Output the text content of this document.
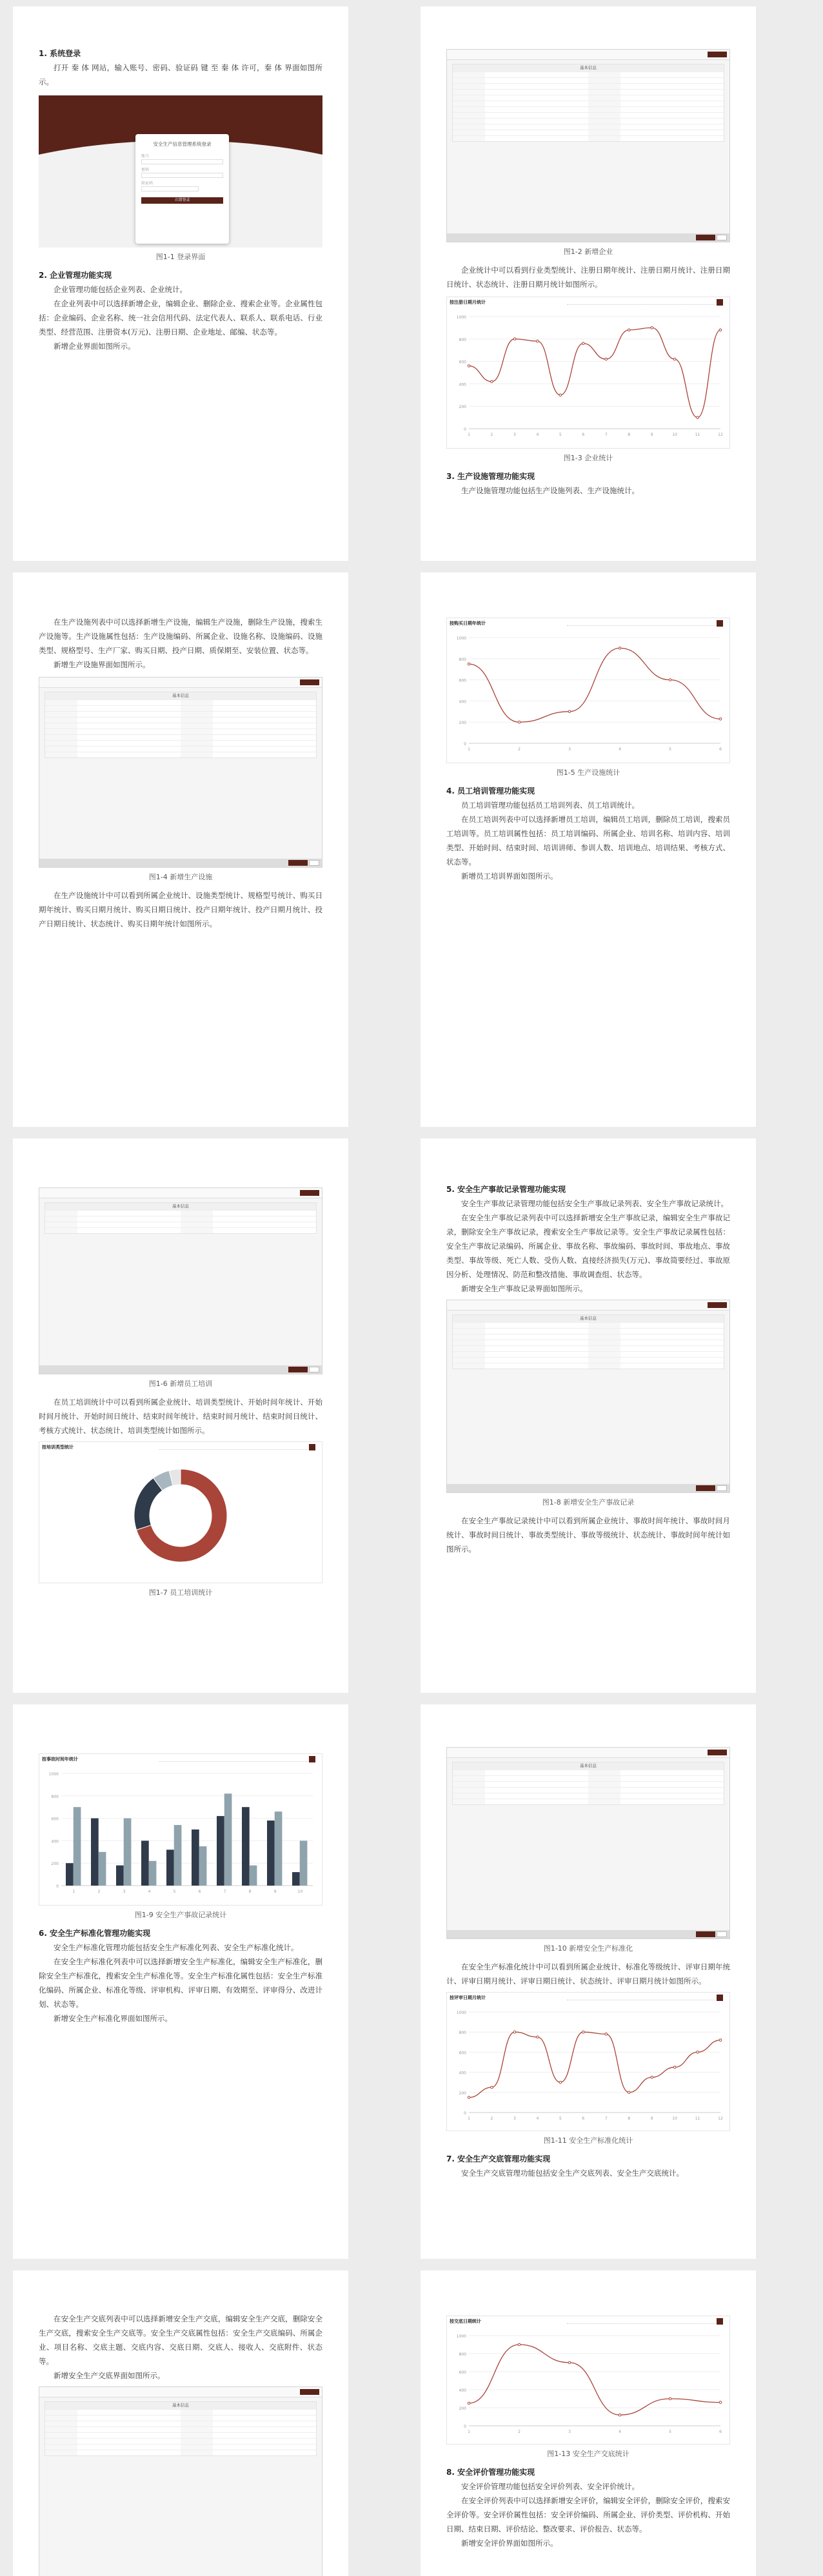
1. 系统登录
打开 秦 体 网站，输入账号、密码、验证码 键 至 秦 体 许可，秦 体 界面如图所示。
安全生产信息管理系统登录
账号
密码
验证码
立即登录
图1-1 登录界面
2. 企业管理功能实现
企业管理功能包括企业列表、企业统计。
在企业列表中可以选择新增企业，编辑企业、删除企业、搜索企业等。企业属性包括：企业编码、企业名称、统一社会信用代码、法定代表人、联系人、联系电话、行业类型、经营范围、注册资本(万元)、注册日期、企业地址、邮编、状态等。
新增企业界面如图所示。
基本信息
图1-2 新增企业
企业统计中可以看到行业类型统计、注册日期年统计、注册日期月统计、注册日期日统计、状态统计、注册日期月统计如图所示。
按注册日期月统计
0
200
400
600
800
1000
1	2	3	4	5	6	7	8	9	10	11	12
图1-3 企业统计
3. 生产设施管理功能实现
生产设施管理功能包括生产设施列表、生产设施统计。
在生产设施列表中可以选择新增生产设施，编辑生产设施，删除生产设施，搜索生产设施等。生产设施属性包括：生产设施编码、所属企业、设施名称、设施编码、设施类型、规格型号、生产厂家、购买日期、投产日期、质保期至、安装位置、状态等。
新增生产设施界面如图所示。
基本信息
图1-4 新增生产设施
在生产设施统计中可以看到所属企业统计、设施类型统计、规格型号统计、购买日期年统计、购买日期月统计、购买日期日统计、投产日期年统计、投产日期月统计、投产日期日统计、状态统计、购买日期年统计如图所示。
按购买日期年统计
0
200
400
600
800
1000
1	2	3	4	5	6
图1-5 生产设施统计
4. 员工培训管理功能实现
员工培训管理功能包括员工培训列表、员工培训统计。
在员工培训列表中可以选择新增员工培训，编辑员工培训，删除员工培训，搜索员工培训等。员工培训属性包括：员工培训编码、所属企业、培训名称、培训内容、培训类型、开始时间、结束时间、培训讲师、参训人数、培训地点、培训结果、考核方式、状态等。
新增员工培训界面如图所示。
基本信息
图1-6 新增员工培训
在员工培训统计中可以看到所属企业统计、培训类型统计、开始时间年统计、开始时间月统计、开始时间日统计、结束时间年统计、结束时间月统计、结束时间日统计、考核方式统计、状态统计、培训类型统计如图所示。
按培训类型统计
图1-7 员工培训统计
5. 安全生产事故记录管理功能实现
安全生产事故记录管理功能包括安全生产事故记录列表、安全生产事故记录统计。
在安全生产事故记录列表中可以选择新增安全生产事故记录，编辑安全生产事故记录，删除安全生产事故记录，搜索安全生产事故记录等。安全生产事故记录属性包括：安全生产事故记录编码、所属企业、事故名称、事故编码、事故时间、事故地点、事故类型、事故等级、死亡人数、受伤人数、直接经济损失(万元)、事故简要经过、事故原因分析、处理情况、防范和整改措施、事故调查组、状态等。
新增安全生产事故记录界面如图所示。
基本信息
图1-8 新增安全生产事故记录
在安全生产事故记录统计中可以看到所属企业统计、事故时间年统计、事故时间月统计、事故时间日统计、事故类型统计、事故等级统计、状态统计、事故时间年统计如图所示。
按事故时间年统计
0
200
400
600
800
1000
1	2	3	4	5	6	7	8	9	10
图1-9 安全生产事故记录统计
6. 安全生产标准化管理功能实现
安全生产标准化管理功能包括安全生产标准化列表、安全生产标准化统计。
在安全生产标准化列表中可以选择新增安全生产标准化，编辑安全生产标准化，删除安全生产标准化，搜索安全生产标准化等。安全生产标准化属性包括：安全生产标准化编码、所属企业、标准化等级、评审机构、评审日期、有效期至、评审得分、改进计划、状态等。
新增安全生产标准化界面如图所示。
基本信息
图1-10 新增安全生产标准化
在安全生产标准化统计中可以看到所属企业统计、标准化等级统计、评审日期年统计、评审日期月统计、评审日期日统计、状态统计、评审日期月统计如图所示。
按评审日期月统计
0
200
400
600
800
1000
1	2	3	4	5	6	7	8	9	10	11	12
图1-11 安全生产标准化统计
7. 安全生产交底管理功能实现
安全生产交底管理功能包括安全生产交底列表、安全生产交底统计。
在安全生产交底列表中可以选择新增安全生产交底，编辑安全生产交底，删除安全生产交底，搜索安全生产交底等。安全生产交底属性包括：安全生产交底编码、所属企业、项目名称、交底主题、交底内容、交底日期、交底人、接收人、交底附件、状态等。
新增安全生产交底界面如图所示。
基本信息
按交底日期统计
0
200
400
600
800
1000
1	2	3	4	5	6
图1-13 安全生产交底统计
8. 安全评价管理功能实现
安全评价管理功能包括安全评价列表、安全评价统计。
在安全评价列表中可以选择新增安全评价，编辑安全评价，删除安全评价，搜索安全评价等。安全评价属性包括：安全评价编码、所属企业、评价类型、评价机构、开始日期、结束日期、评价结论、整改要求、评价报告、状态等。
新增安全评价界面如图所示。
